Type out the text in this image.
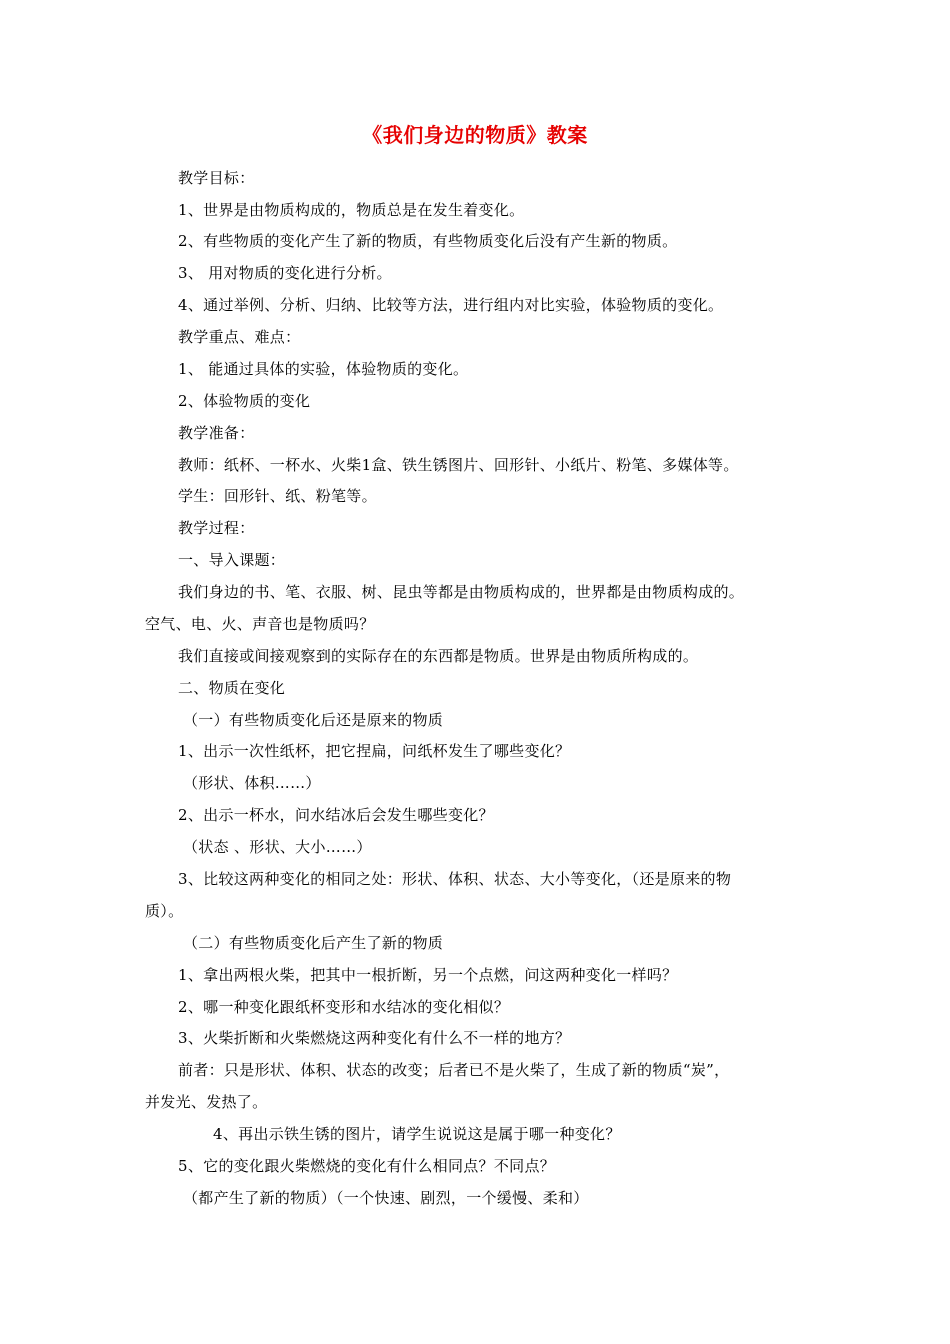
《我们身边的物质》教案
教学目标：
1、世界是由物质构成的，物质总是在发生着变化。
2、有些物质的变化产生了新的物质，有些物质变化后没有产生新的物质。
3、 用对物质的变化进行分析。
4、通过举例、分析、归纳、比较等方法，进行组内对比实验，体验物质的变化。
教学重点、难点：
1、 能通过具体的实验，体验物质的变化。
2、体验物质的变化
教学准备：
教师：纸杯、一杯水、火柴1盒、铁生锈图片、回形针、小纸片、粉笔、多媒体等。
学生：回形针、纸、粉笔等。
教学过程：
一、导入课题：
我们身边的书、笔、衣服、树、昆虫等都是由物质构成的，世界都是由物质构成的。
空气、电、火、声音也是物质吗？
我们直接或间接观察到的实际存在的东西都是物质。世界是由物质所构成的。
二、物质在变化
（一）有些物质变化后还是原来的物质
1、出示一次性纸杯，把它捏扁，问纸杯发生了哪些变化？
（形状、体积……）
2、出示一杯水，问水结冰后会发生哪些变化？
（状态 、形状、大小……）
3、比较这两种变化的相同之处：形状、体积、状态、大小等变化，（还是原来的物
质）。
（二）有些物质变化后产生了新的物质
1、拿出两根火柴，把其中一根折断，另一个点燃，问这两种变化一样吗？
2、哪一种变化跟纸杯变形和水结冰的变化相似？
3、火柴折断和火柴燃烧这两种变化有什么不一样的地方？
前者：只是形状、体积、状态的改变；后者已不是火柴了，生成了新的物质“炭”，
并发光、发热了。
4、再出示铁生锈的图片，请学生说说这是属于哪一种变化？
5、它的变化跟火柴燃烧的变化有什么相同点？不同点？
（都产生了新的物质）（一个快速、剧烈，一个缓慢、柔和）
